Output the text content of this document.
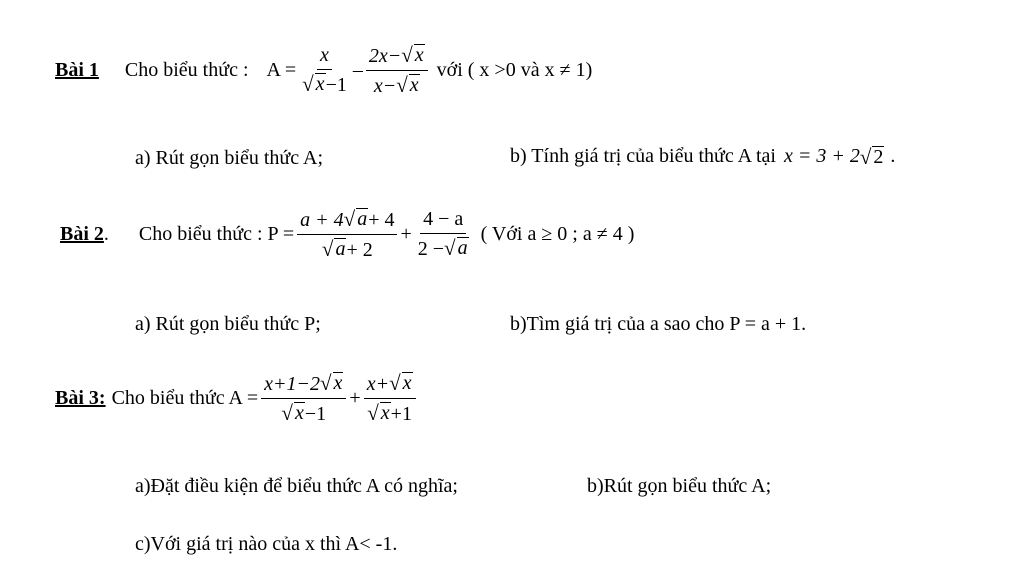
Bài 1 Cho biểu thức : $A = \frac{x}{√ x -1} - \frac{2x- √ x}{x- √ x}$ với ( x >0 và x ≠ 1)
a) Rút gọn biểu thức A;	b) Tính giá trị của biểu thức A tại x = 3 + 2 √ 2 .
Bài 2 . Cho biểu thức : $P = \frac{a + 4 √ a + 4}{√ a + 2} + \frac{4 - a}{2 - √ a}$ ( Với a ≥ 0 ; a ≠ 4 )
a) Rút gọn biểu thức P;	b)Tìm giá trị của a sao cho P = a + 1.
Bài 3: Cho biểu thức $A = \frac{x+1-2 √ x}{√ x -1} + \frac{x+ √ x}{√ x +1}$
a)Đặt điều kiện để biểu thức A có nghĩa;	b)Rút gọn biểu thức A;
c)Với giá trị nào của x thì A< -1.
